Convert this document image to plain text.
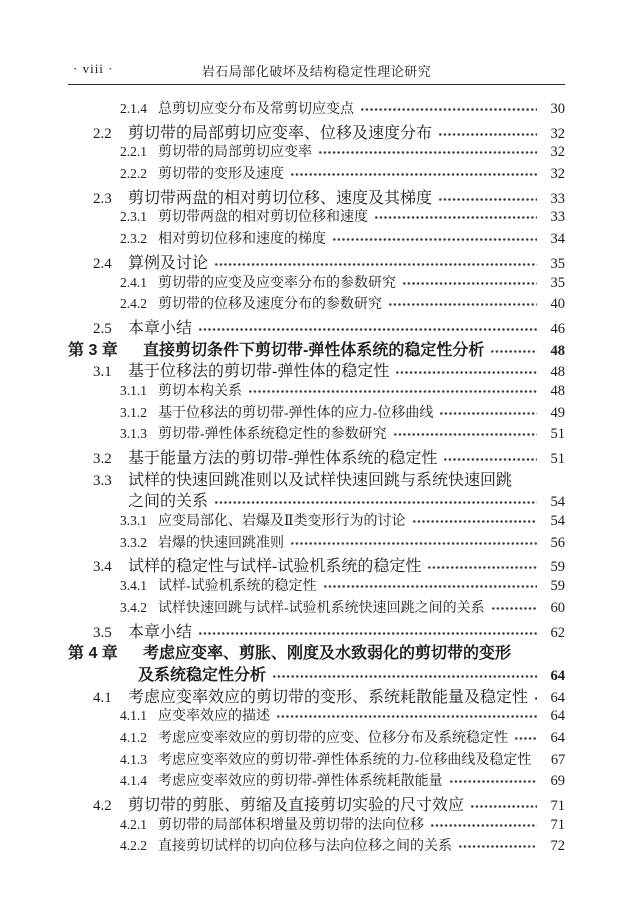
· viii ·	岩石局部化破坏及结构稳定性理论研究
2.1.4 总剪切应变分布及常剪切应变点	30
2.2	剪切带的局部剪切应变率、位移及速度分布	32
2.2.1 剪切带的局部剪切应变率	32
2.2.2 剪切带的变形及速度	32
2.3	剪切带两盘的相对剪切位移、速度及其梯度	33
2.3.1 剪切带两盘的相对剪切位移和速度	33
2.3.2 相对剪切位移和速度的梯度	34
2.4	算例及讨论	35
2.4.1 剪切带的应变及应变率分布的参数研究	35
2.4.2 剪切带的位移及速度分布的参数研究	40
2.5	本章小结	46
第 3 章	直接剪切条件下剪切带-弹性体系统的稳定性分析	48
3.1	基于位移法的剪切带-弹性体的稳定性	48
3.1.1 剪切本构关系	48
3.1.2 基于位移法的剪切带-弹性体的应力-位移曲线	49
3.1.3 剪切带-弹性体系统稳定性的参数研究	51
3.2	基于能量方法的剪切带-弹性体系统的稳定性	51
3.3	试样的快速回跳准则以及试样快速回跳与系统快速回跳
之间的关系	54
3.3.1 应变局部化、岩爆及Ⅱ类变形行为的讨论	54
3.3.2 岩爆的快速回跳准则	56
3.4	试样的稳定性与试样-试验机系统的稳定性	59
3.4.1 试样-试验机系统的稳定性	59
3.4.2 试样快速回跳与试样-试验机系统快速回跳之间的关系	60
3.5	本章小结	62
第 4 章	考虑应变率、剪胀、刚度及水致弱化的剪切带的变形
及系统稳定性分析	64
4.1	考虑应变率效应的剪切带的变形、系统耗散能量及稳定性	64
4.1.1 应变率效应的描述	64
4.1.2 考虑应变率效应的剪切带的应变、位移分布及系统稳定性	64
4.1.3 考虑应变率效应的剪切带-弹性体系统的力-位移曲线及稳定性	67
4.1.4 考虑应变率效应的剪切带-弹性体系统耗散能量	69
4.2	剪切带的剪胀、剪缩及直接剪切实验的尺寸效应	71
4.2.1 剪切带的局部体积增量及剪切带的法向位移	71
4.2.2 直接剪切试样的切向位移与法向位移之间的关系	72
